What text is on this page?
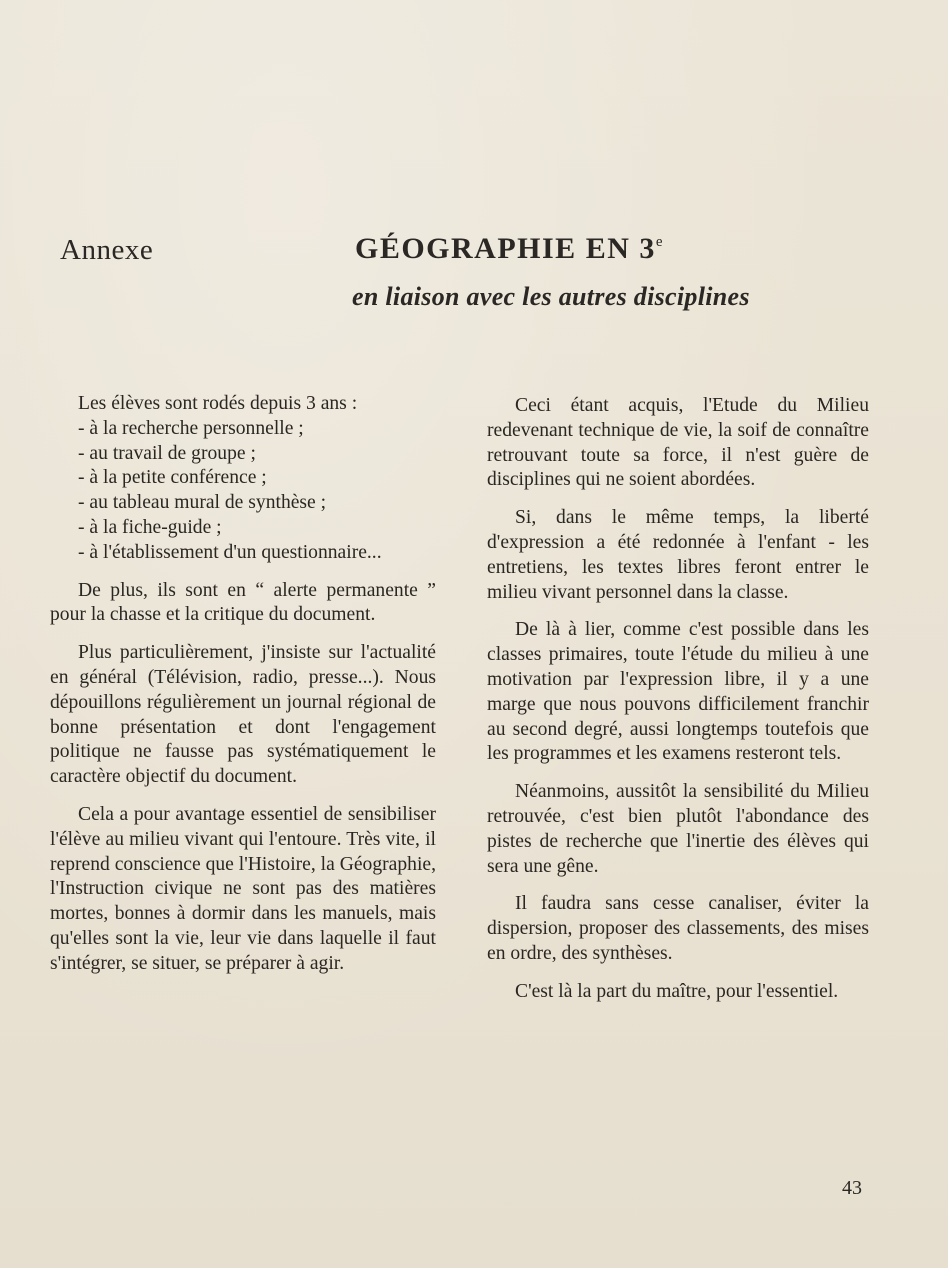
Annexe	GÉOGRAPHIE EN 3e
en liaison avec les autres disciplines

Les élèves sont rodés depuis 3 ans :

- à la recherche personnelle ;
- au travail de groupe ;
- à la petite conférence ;
- au tableau mural de synthèse ;
- à la fiche-guide ;
- à l'établissement d'un questionnaire...

De plus, ils sont en “ alerte permanente ” pour la chasse et la critique du document.

Plus particulièrement, j'insiste sur l'actualité en général (Télévision, radio, presse...). Nous dépouillons régulièrement un journal régional de bonne présentation et dont l'engagement politique ne fausse pas systématiquement le caractère objectif du document.

Cela a pour avantage essentiel de sensibiliser l'élève au milieu vivant qui l'entoure. Très vite, il reprend conscience que l'Histoire, la Géographie, l'Instruction civique ne sont pas des matières mortes, bonnes à dormir dans les manuels, mais qu'elles sont la vie, leur vie dans laquelle il faut s'intégrer, se situer, se préparer à agir.

Ceci étant acquis, l'Etude du Milieu redevenant technique de vie, la soif de connaître retrouvant toute sa force, il n'est guère de disciplines qui ne soient abordées.

Si, dans le même temps, la liberté d'expression a été redonnée à l'enfant - les entretiens, les textes libres feront entrer le milieu vivant personnel dans la classe.

De là à lier, comme c'est possible dans les classes primaires, toute l'étude du milieu à une motivation par l'expression libre, il y a une marge que nous pouvons difficilement franchir au second degré, aussi longtemps toutefois que les programmes et les examens resteront tels.

Néanmoins, aussitôt la sensibilité du Milieu retrouvée, c'est bien plutôt l'abondance des pistes de recherche que l'inertie des élèves qui sera une gêne.

Il faudra sans cesse canaliser, éviter la dispersion, proposer des classements, des mises en ordre, des synthèses.

C'est là la part du maître, pour l'essentiel.

43
